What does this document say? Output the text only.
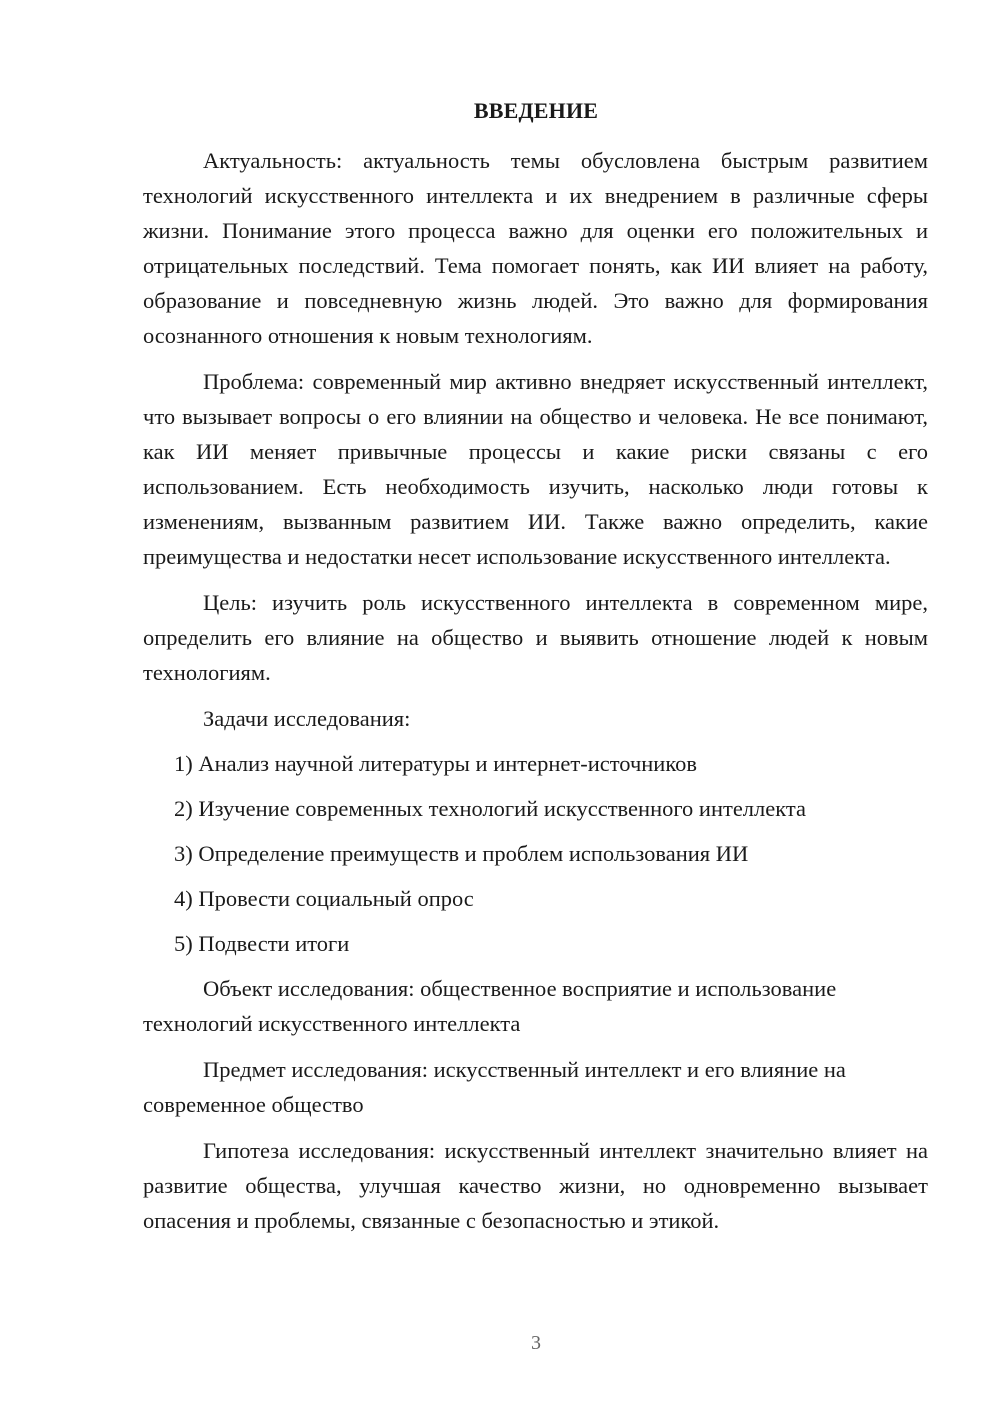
ВВЕДЕНИЕ

Актуальность: актуальность темы обусловлена быстрым развитием технологий искусственного интеллекта и их внедрением в различные сферы жизни. Понимание этого процесса важно для оценки его положительных и отрицательных последствий. Тема помогает понять, как ИИ влияет на работу, образование и повседневную жизнь людей. Это важно для формирования осознанного отношения к новым технологиям.

Проблема: современный мир активно внедряет искусственный интеллект, что вызывает вопросы о его влиянии на общество и человека. Не все понимают, как ИИ меняет привычные процессы и какие риски связаны с его использованием. Есть необходимость изучить, насколько люди готовы к изменениям, вызванным развитием ИИ. Также важно определить, какие преимущества и недостатки несет использование искусственного интеллекта.

Цель: изучить роль искусственного интеллекта в современном мире, определить его влияние на общество и выявить отношение людей к новым технологиям.

Задачи исследования:

1) Анализ научной литературы и интернет-источников
2) Изучение современных технологий искусственного интеллекта
3) Определение преимуществ и проблем использования ИИ
4) Провести социальный опрос
5) Подвести итоги

Объект исследования: общественное восприятие и использование технологий искусственного интеллекта

Предмет исследования: искусственный интеллект и его влияние на современное общество

Гипотеза исследования: искусственный интеллект значительно влияет на развитие общества, улучшая качество жизни, но одновременно вызывает опасения и проблемы, связанные с безопасностью и этикой.

3
